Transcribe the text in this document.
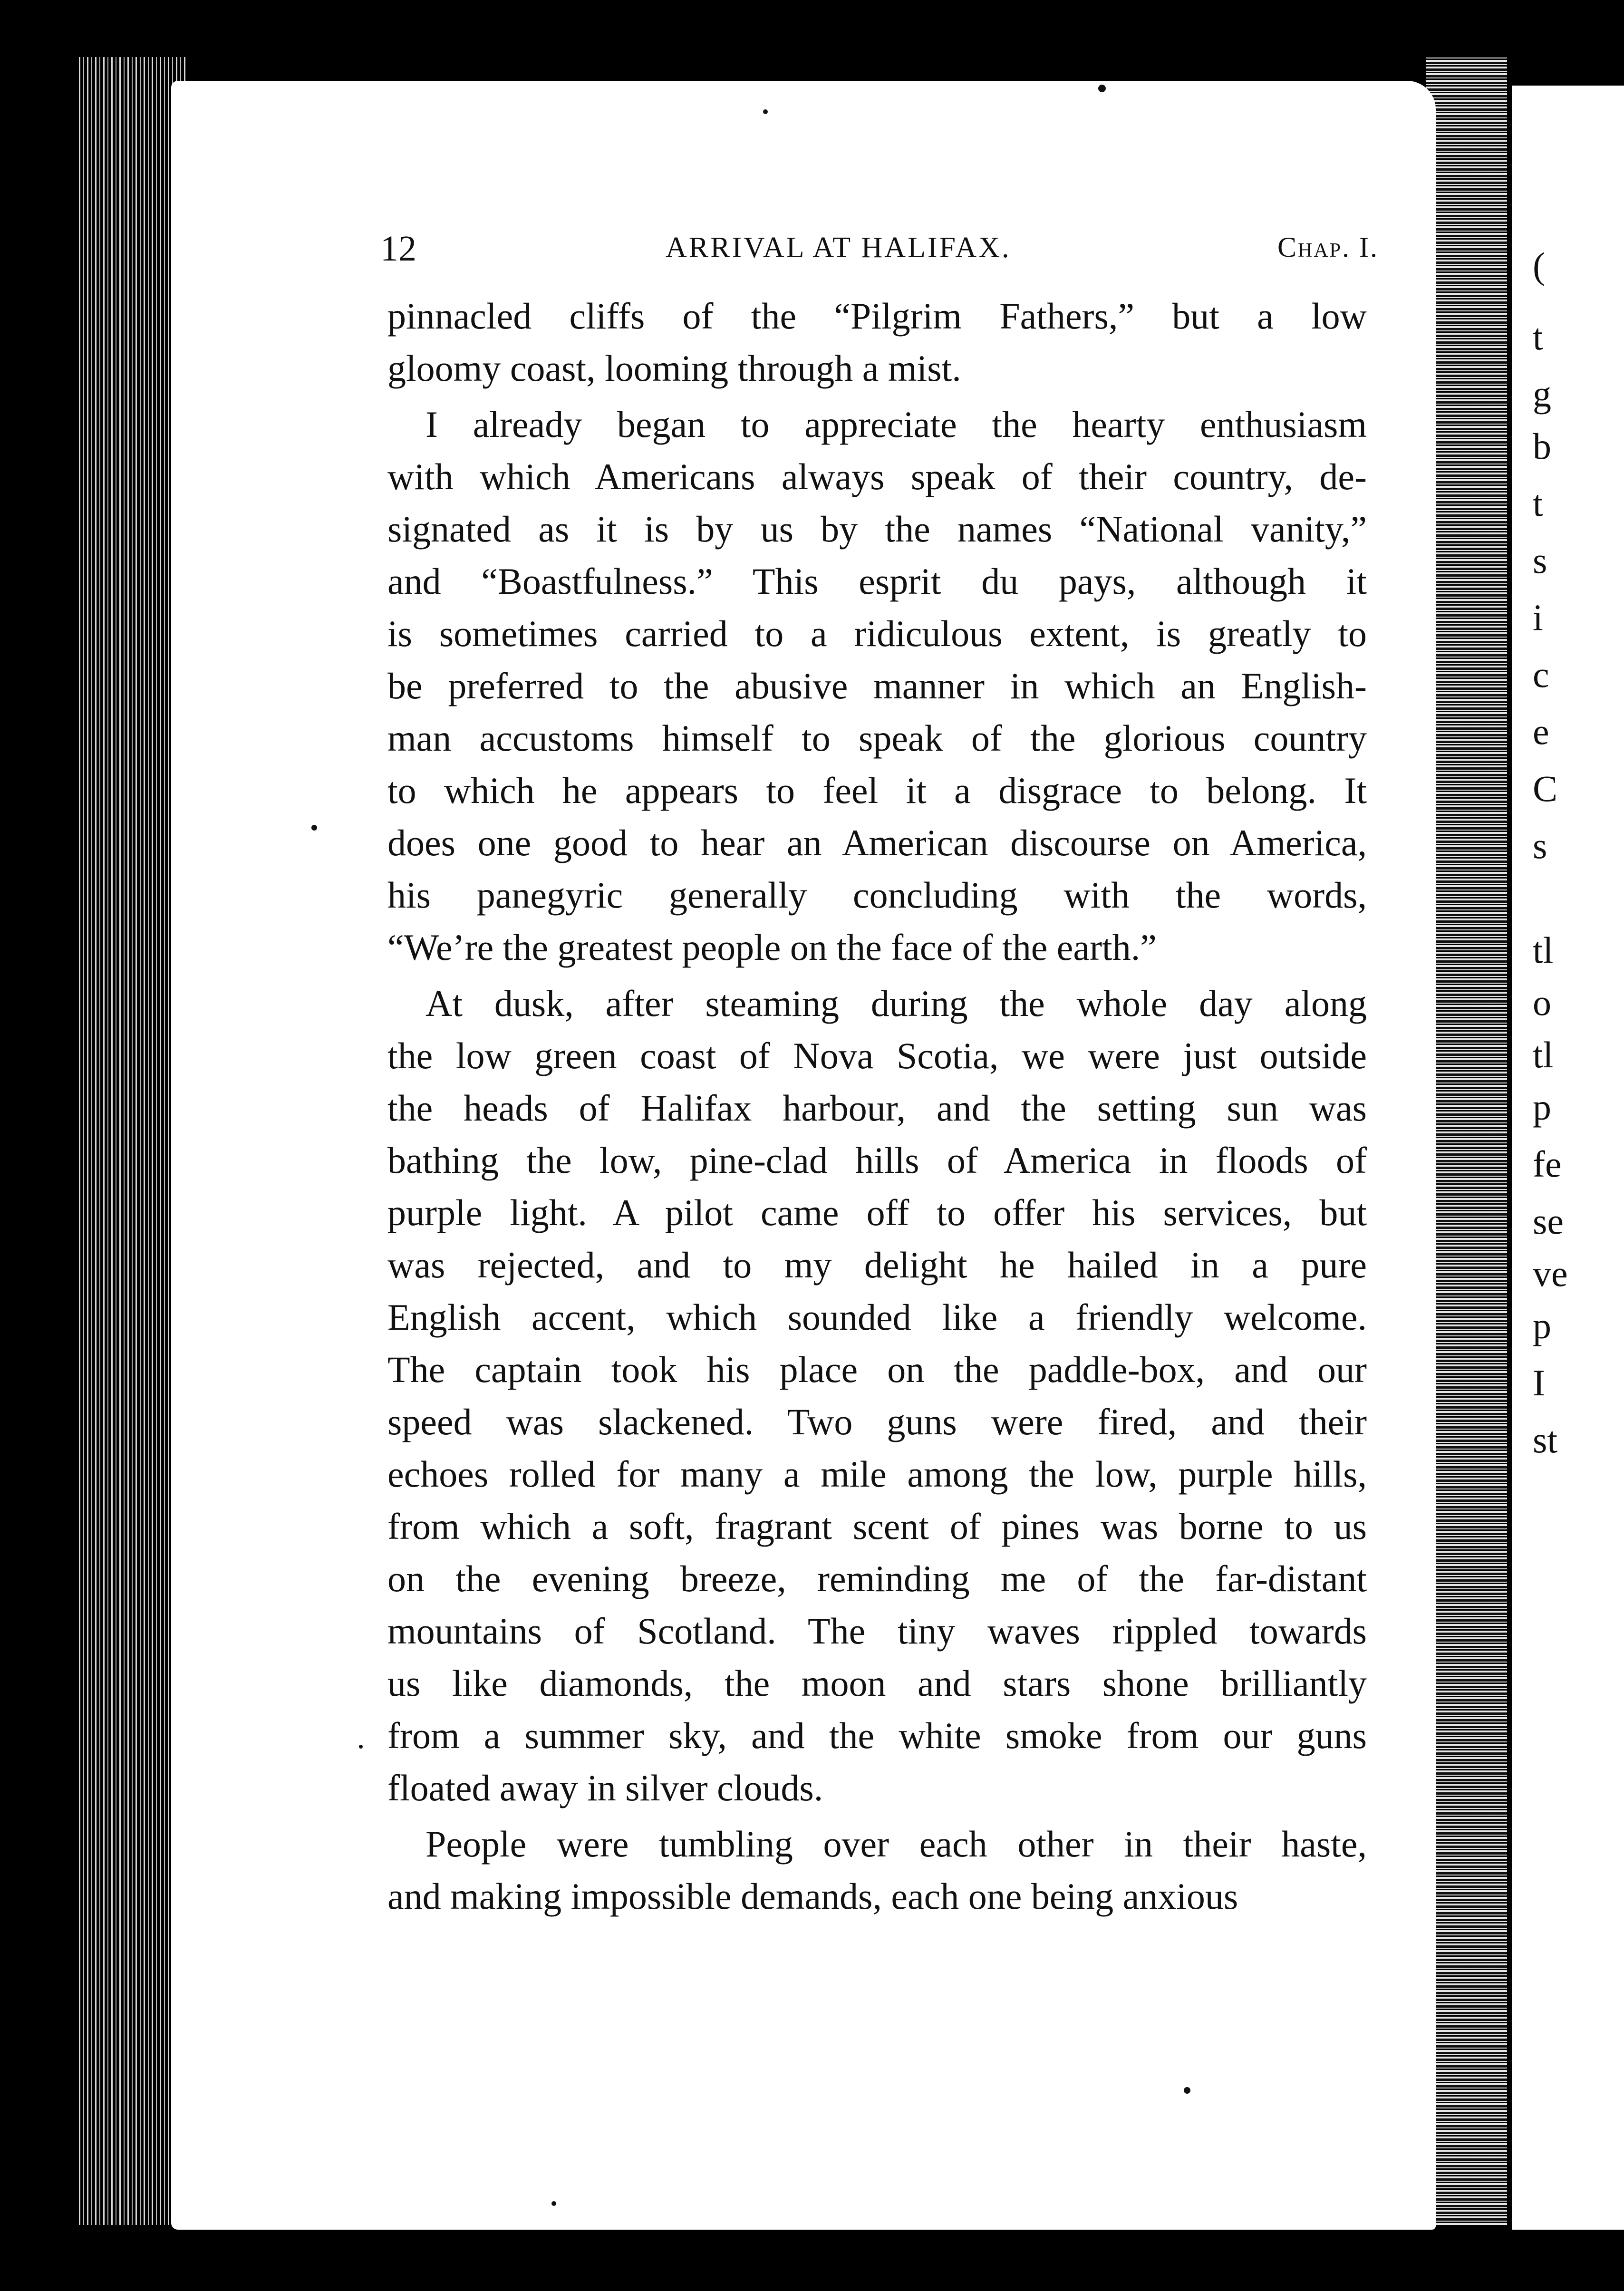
(
t
g
b
t
s
i
c
e
C
s
tl
o
tl
p
fe
se
ve
p
I
st
12	ARRIVAL AT HALIFAX.	Chap. I.
pinnacled cliffs of the “Pilgrim Fathers,” but a low
gloomy coast, looming through a mist.
I already began to appreciate the hearty enthusiasm
with which Americans always speak of their country, de-
signated as it is by us by the names “National vanity,”
and “Boastfulness.” This esprit du pays, although it
is sometimes carried to a ridiculous extent, is greatly to
be preferred to the abusive manner in which an English-
man accustoms himself to speak of the glorious country
to which he appears to feel it a disgrace to belong. It
does one good to hear an American discourse on America,
his panegyric generally concluding with the words,
“We’re the greatest people on the face of the earth.”
At dusk, after steaming during the whole day along
the low green coast of Nova Scotia, we were just outside
the heads of Halifax harbour, and the setting sun was
bathing the low, pine-clad hills of America in floods of
purple light. A pilot came off to offer his services, but
was rejected, and to my delight he hailed in a pure
English accent, which sounded like a friendly welcome.
The captain took his place on the paddle-box, and our
speed was slackened. Two guns were fired, and their
echoes rolled for many a mile among the low, purple hills,
from which a soft, fragrant scent of pines was borne to us
on the evening breeze, reminding me of the far-distant
mountains of Scotland. The tiny waves rippled towards
us like diamonds, the moon and stars shone brilliantly
from a summer sky, and the white smoke from our guns
floated away in silver clouds.
People were tumbling over each other in their haste,
and making impossible demands, each one being anxious
